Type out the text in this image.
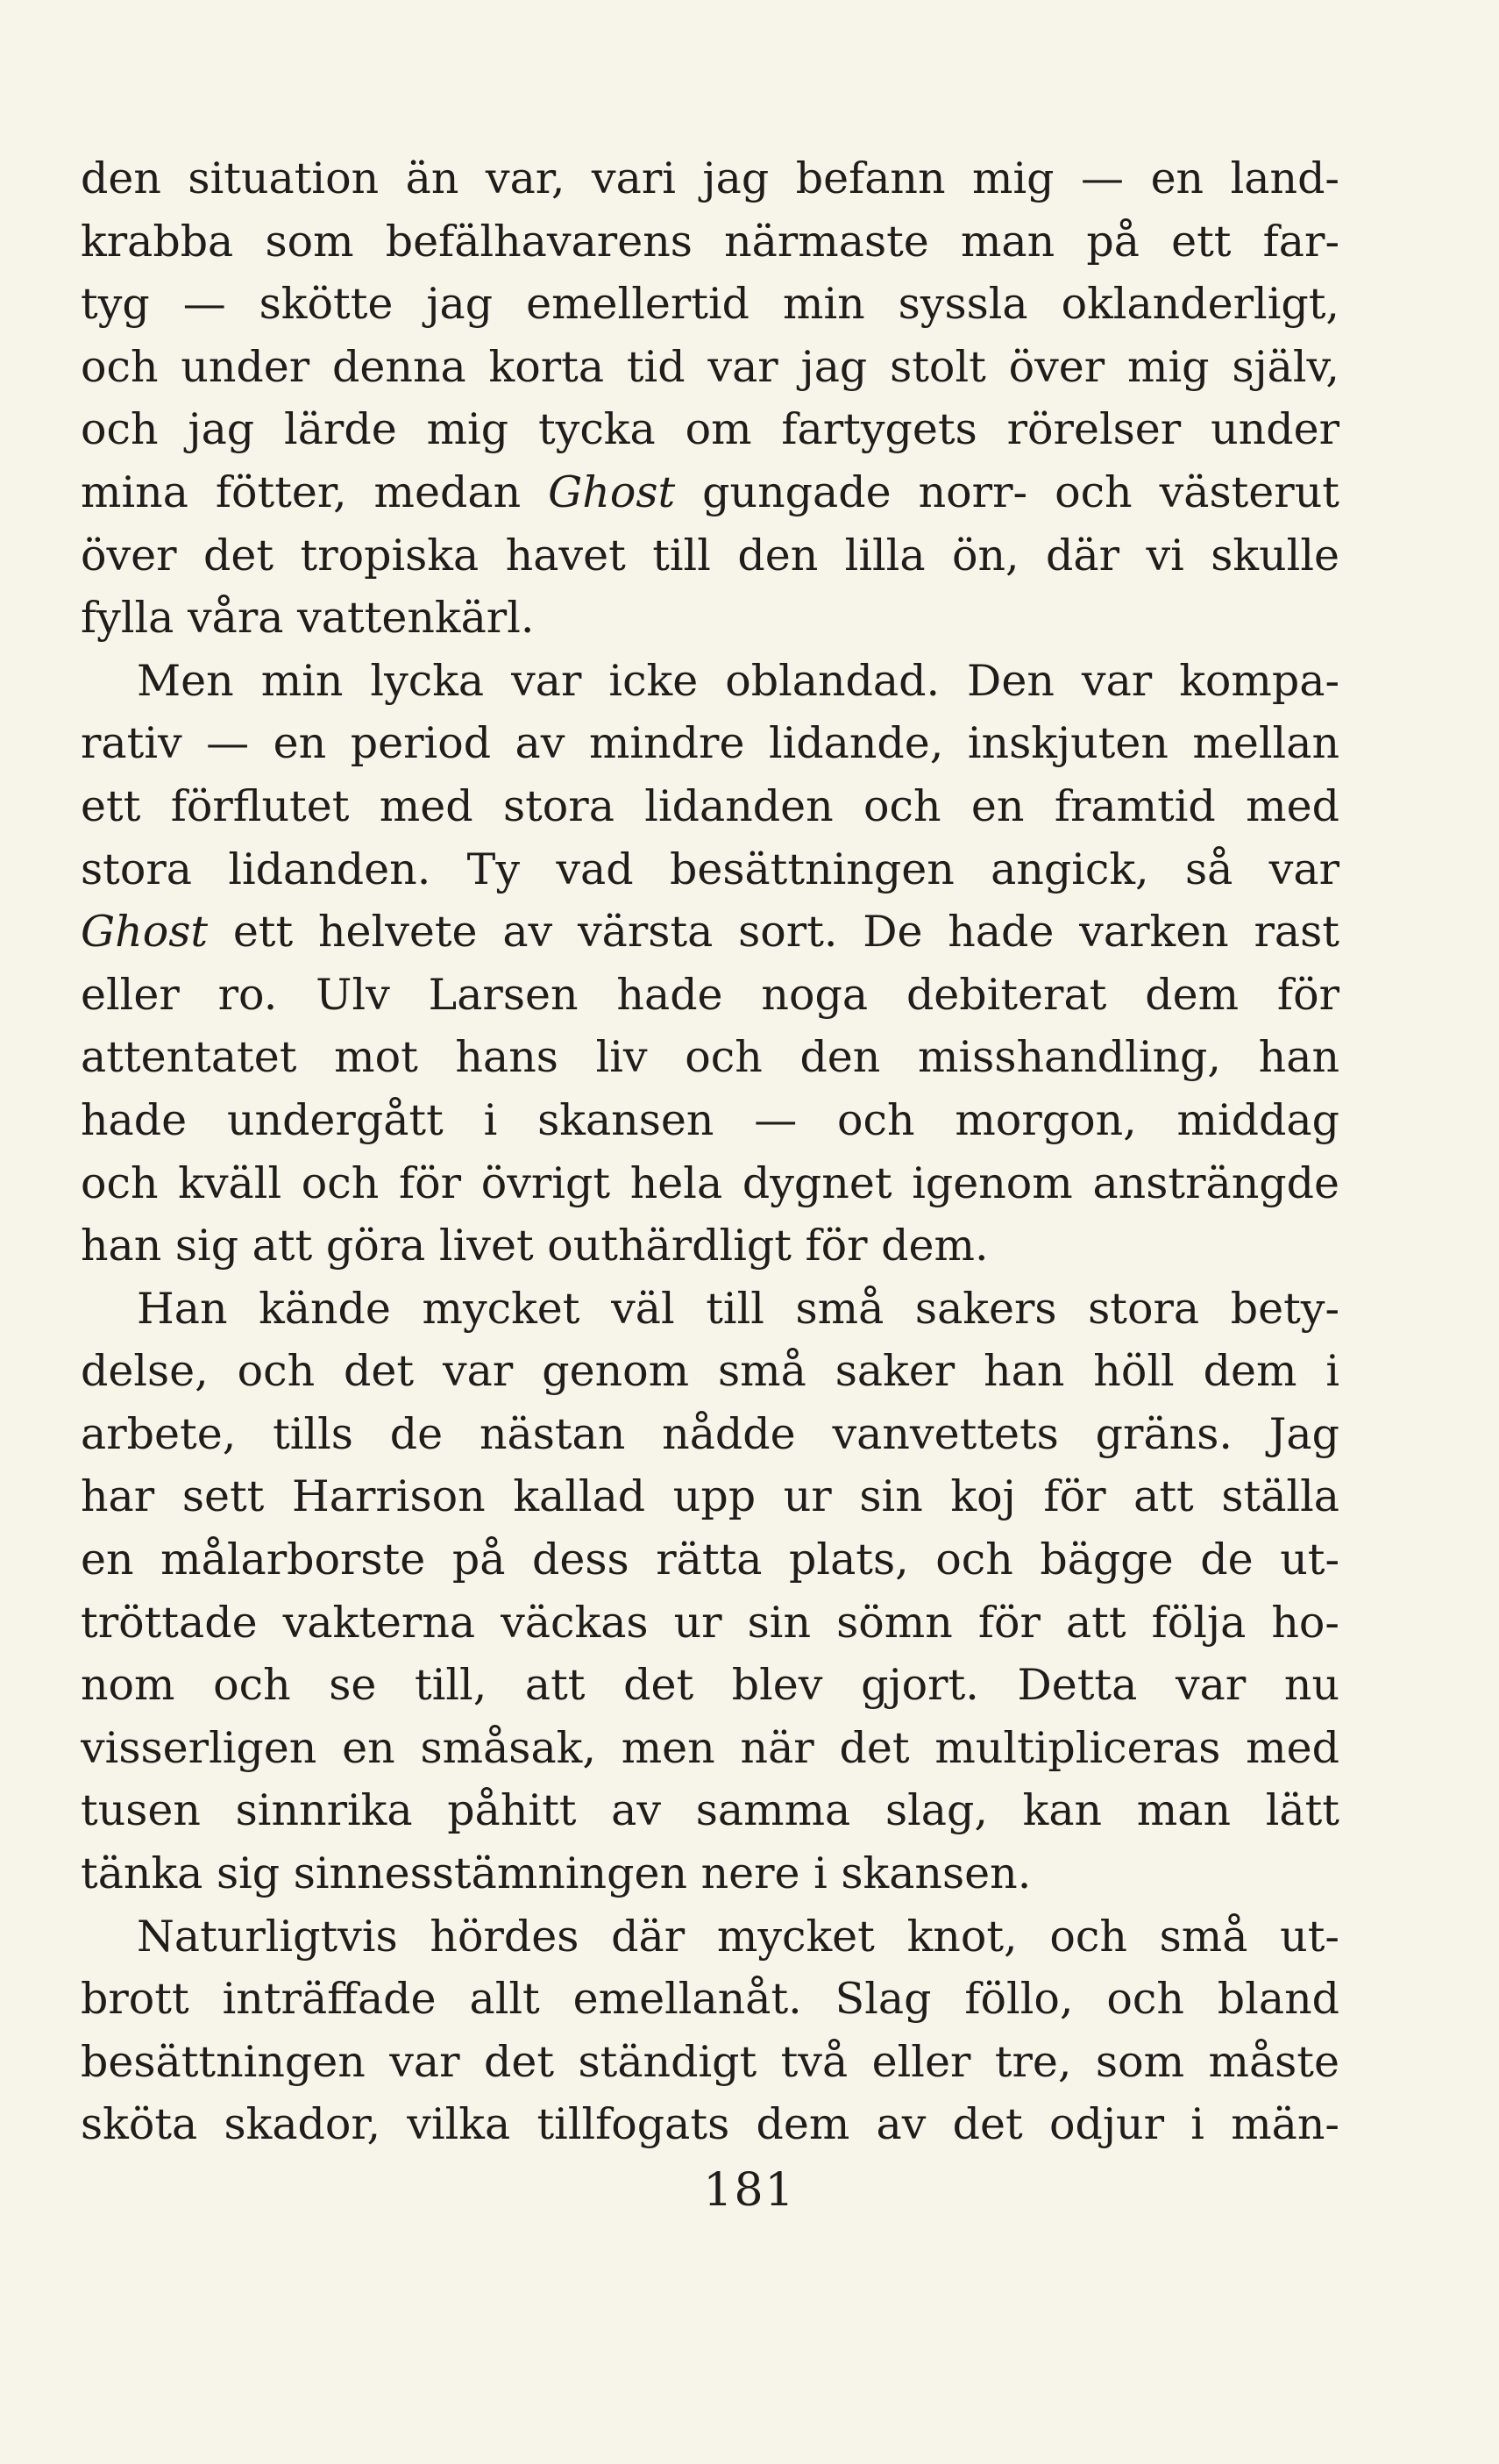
den situation än var, vari jag befann mig — en land-
krabba som befälhavarens närmaste man på ett far-
tyg — skötte jag emellertid min syssla oklanderligt,
och under denna korta tid var jag stolt över mig själv,
och jag lärde mig tycka om fartygets rörelser under
mina fötter, medan Ghost gungade norr- och västerut
över det tropiska havet till den lilla ön, där vi skulle
fylla våra vattenkärl.
Men min lycka var icke oblandad. Den var kompa-
rativ — en period av mindre lidande, inskjuten mellan
ett förflutet med stora lidanden och en framtid med
stora lidanden. Ty vad besättningen angick, så var
Ghost ett helvete av värsta sort. De hade varken rast
eller ro. Ulv Larsen hade noga debiterat dem för
attentatet mot hans liv och den misshandling, han
hade undergått i skansen — och morgon, middag
och kväll och för övrigt hela dygnet igenom ansträngde
han sig att göra livet outhärdligt för dem.
Han kände mycket väl till små sakers stora bety-
delse, och det var genom små saker han höll dem i
arbete, tills de nästan nådde vanvettets gräns. Jag
har sett Harrison kallad upp ur sin koj för att ställa
en målarborste på dess rätta plats, och bägge de ut-
tröttade vakterna väckas ur sin sömn för att följa ho-
nom och se till, att det blev gjort. Detta var nu
visserligen en småsak, men när det multipliceras med
tusen sinnrika påhitt av samma slag, kan man lätt
tänka sig sinnesstämningen nere i skansen.
Naturligtvis hördes där mycket knot, och små ut-
brott inträffade allt emellanåt. Slag föllo, och bland
besättningen var det ständigt två eller tre, som måste
sköta skador, vilka tillfogats dem av det odjur i män-
181
